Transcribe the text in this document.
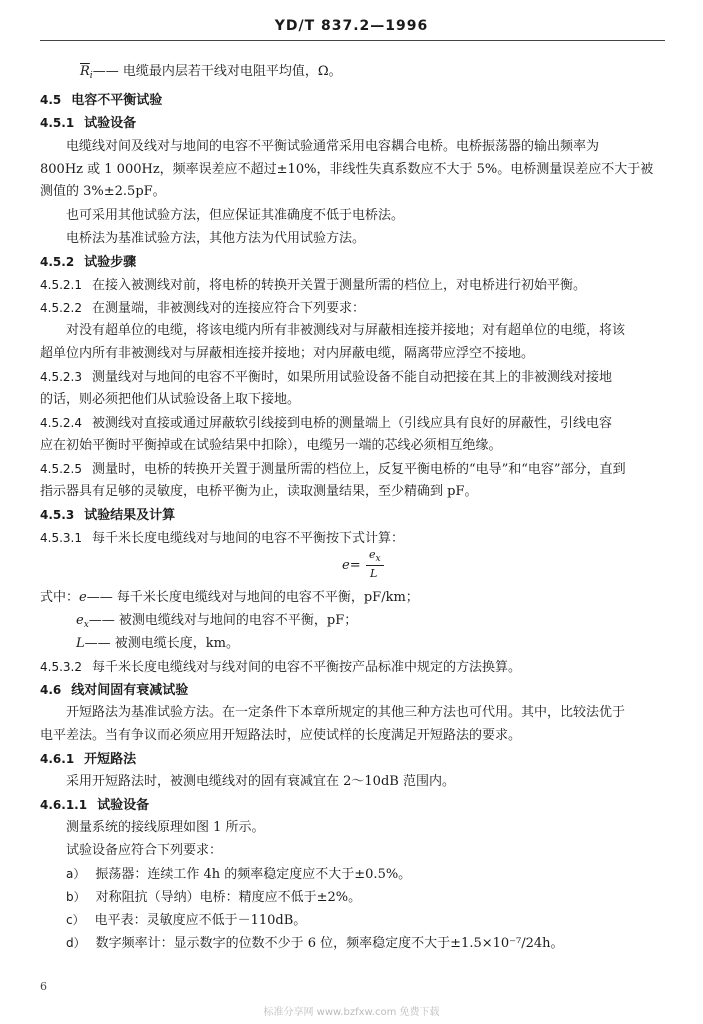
YD/T 837.2—1996
$\overline{R}_i——$ 电缆最内层若干线对电阻平均值，Ω。
4.5 电容不平衡试验
4.5.1 试验设备
电缆线对间及线对与地间的电容不平衡试验通常采用电容耦合电桥。电桥振荡器的输出频率为
800Hz 或 1 000Hz，频率误差应不超过±10%，非线性失真系数应不大于 5%。电桥测量误差应不大于被
测值的 3%±2.5pF。
也可采用其他试验方法，但应保证其准确度不低于电桥法。
电桥法为基准试验方法，其他方法为代用试验方法。
4.5.2 试验步骤
4.5.2.1 在接入被测线对前，将电桥的转换开关置于测量所需的档位上，对电桥进行初始平衡。
4.5.2.2 在测量端，非被测线对的连接应符合下列要求：
对没有超单位的电缆，将该电缆内所有非被测线对与屏蔽相连接并接地；对有超单位的电缆，将该
超单位内所有非被测线对与屏蔽相连接并接地；对内屏蔽电缆，隔离带应浮空不接地。
4.5.2.3 测量线对与地间的电容不平衡时，如果所用试验设备不能自动把接在其上的非被测线对接地
的话，则必须把他们从试验设备上取下接地。
4.5.2.4 被测线对直接或通过屏蔽软引线接到电桥的测量端上（引线应具有良好的屏蔽性，引线电容
应在初始平衡时平衡掉或在试验结果中扣除），电缆另一端的芯线必须相互绝缘。
4.5.2.5 测量时，电桥的转换开关置于测量所需的档位上，反复平衡电桥的“电导”和“电容”部分，直到
指示器具有足够的灵敏度，电桥平衡为止，读取测量结果，至少精确到 pF。
4.5.3 试验结果及计算
4.5.3.1 每千米长度电缆线对与地间的电容不平衡按下式计算：
e=
$e_x$
L
式中：e—— 每千米长度电缆线对与地间的电容不平衡，pF/km；
$e_x——$ 被测电缆线对与地间的电容不平衡，pF；
L—— 被测电缆长度，km。
4.5.3.2 每千米长度电缆线对与线对间的电容不平衡按产品标准中规定的方法换算。
4.6 线对间固有衰减试验
开短路法为基准试验方法。在一定条件下本章所规定的其他三种方法也可代用。其中，比较法优于
电平差法。当有争议而必须应用开短路法时，应使试样的长度满足开短路法的要求。
4.6.1 开短路法
采用开短路法时，被测电缆线对的固有衰减宜在 2～10dB 范围内。
4.6.1.1 试验设备
测量系统的接线原理如图 1 所示。
试验设备应符合下列要求：
a） 振荡器：连续工作 4h 的频率稳定度应不大于±0.5%。
b） 对称阻抗（导纳）电桥：精度应不低于±2%。
c） 电平表：灵敏度应不低于－110dB。
d） 数字频率计：显示数字的位数不少于 6 位，频率稳定度不大于±1.5×10⁻⁷/24h。
6
标准分享网 www.bzfxw.com 免费下载
